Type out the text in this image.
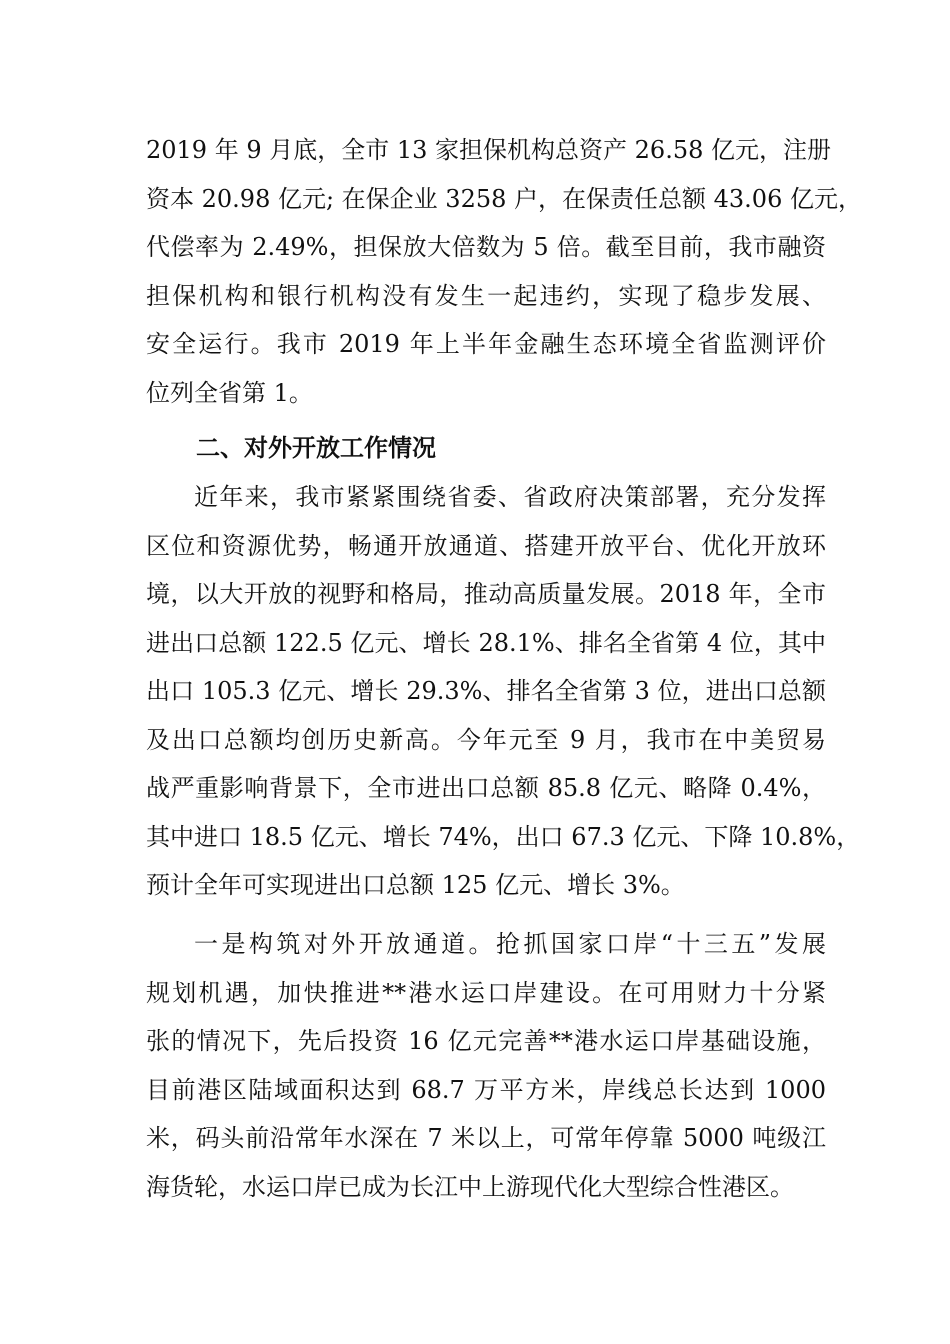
2019 年 9 月底，全市 13 家担保机构总资产 26.58 亿元，注册
资本 20.98 亿元; 在保企业 3258 户，在保责任总额 43.06 亿元，
代偿率为 2.49%，担保放大倍数为 5 倍。截至目前，我市融资
担保机构和银行机构没有发生一起违约，实现了稳步发展、
安全运行。我市 2019 年上半年金融生态环境全省监测评价
位列全省第 1。
二、对外开放工作情况
近年来，我市紧紧围绕省委、省政府决策部署，充分发挥
区位和资源优势，畅通开放通道、搭建开放平台、优化开放环
境，以大开放的视野和格局，推动高质量发展。2018 年，全市
进出口总额 122.5 亿元、增长 28.1%、排名全省第 4 位，其中
出口 105.3 亿元、增长 29.3%、排名全省第 3 位，进出口总额
及出口总额均创历史新高。今年元至 9 月，我市在中美贸易
战严重影响背景下，全市进出口总额 85.8 亿元、略降 0.4%，
其中进口 18.5 亿元、增长 74%，出口 67.3 亿元、下降 10.8%，
预计全年可实现进出口总额 125 亿元、增长 3%。
一是构筑对外开放通道。抢抓国家口岸“十三五”发展
规划机遇，加快推进**港水运口岸建设。在可用财力十分紧
张的情况下，先后投资 16 亿元完善**港水运口岸基础设施，
目前港区陆域面积达到 68.7 万平方米，岸线总长达到 1000
米，码头前沿常年水深在 7 米以上，可常年停靠 5000 吨级江
海货轮，水运口岸已成为长江中上游现代化大型综合性港区。
